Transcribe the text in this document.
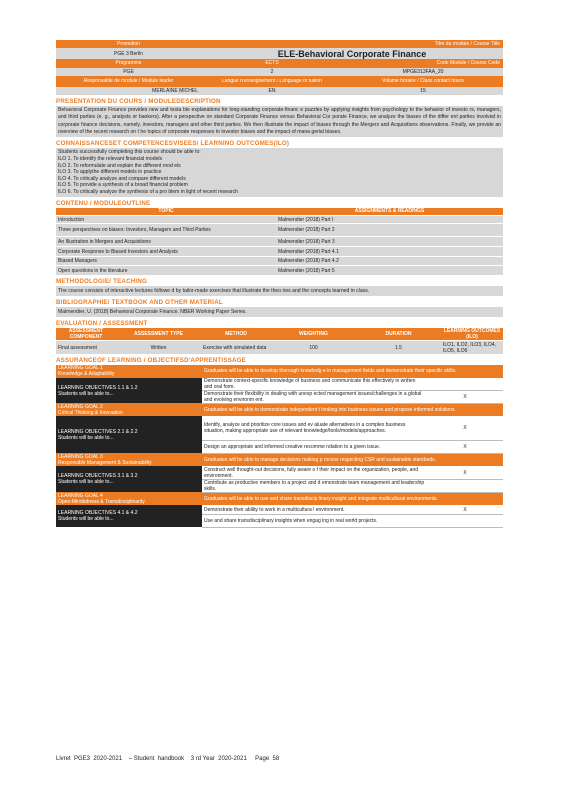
Promotion	Titre du module / Course Title
PGE 3 Berlin	ELE-Behavioral Corporate Finance
Programme	ECTS	Code Module / Course Code
PGE	2	MPGE313FAA_20
Responsable de module / Module leader	Langue d'enseignement / Language of tuition	Volume horaire / Class contact hours
MERLAINE MICHEL	EN	15
PRESENTATION DU COURS / MODULEDESCRIPTION
Behavioral Corporate Finance provides new and testa ble explanations for long-standing corporate-financ e puzzles by applying insights from psychology to the behavior of investo rs, managers, and third parties (e. g., analysts or bankers). After a perspective on standard Corporate Finance versus Behavioral Cor porate Finance, we analyze the biases of the differ ent parties involved in corporate finance decisions, namely, investors, managers and other third parties. We then illustrate the impact of biases through the Mergers and Acquisitions observations. Finally, we provide an overview of the recent research on t he topics of corporate responses to investor biases and the impact of mana gerial biases.
CONNAISSANCESET COMPETENCESVISEES/ LEARNING OUTCOMES(ILO)
Students successfully completing this course should be able to:
ILO 1. To identify the relevant financial models
ILO 2. To reformulate and explain the different mod els
ILO 3. To applythe different models in practice
ILO 4. To critically analyze and compare different models
ILO 5. To provide a synthesis of a broad financial problem
ILO 6. To critically analyze the synthesis of a pro blem in light of recent research
CONTENU / MODULEOUTLINE
TOPIC	ASSIGNMENTS & READINGS
Introduction	Malmendier (2018) Part I
Three perspectives on biases: Investors, Managers and Third Parties	Malmendier (2018) Part 2
An Illustration in Mergers and Acquisitions	Malmendier (2018) Part 3
Corporate Response to Biased Investors and Analysts	Malmendier (2018) Part 4.1
Biased Managers	Malmendier (2018) Part 4.2
Open questions in the literature	Malmendier (2018) Part 5
METHODOLOGIE/ TEACHING
The course consists of interactive lectures followe d by tailor-made exercises that illustrate the theo ries and the concepts learned in class.
BIBLIOGRAPHIE/ TEXTBOOK AND OTHER MATERIAL
Malmendier, U. (2018) Behavioral Corporate Finance. NBER Working Paper Series.
EVALUATION / ASSESSMENT
ASSESSMENT COMPONENT	ASSESSMENT TYPE	METHOD	WEIGHTING	DURATION	LEARNING OUTCOMES (ILO)
Final assessment	Written	Exercise with simulated data	100	1.5	ILO1, ILO2, ILO3, ILO4, ILO5, ILO6
ASSURANCEOF LEARNING / OBJECTIFSD'APPRENTISSAGE
LEARNING GOAL 1
Knowledge & Adaptability	Graduates will be able to develop thorough knowledg e in management fields and demonstrate their specific skills.	

LEARNING OBJECTIVES 1.1 & 1.2
Students will be able to...	Demonstrate context-specific knowledge of business and communicate this effectively in written and oral form.	
	Demonstrate their flexibility in dealing with unexp ected management issues/challenges in a global and evolving environm ent.	X

LEARNING GOAL 2
Critical Thinking & Innovation	Graduates will be able to demonstrate independent t hinking into business issues and propose informed solutions.	

LEARNING OBJECTIVES 2.1 & 2.2
Students will be able to...	Identify, analyze and prioritize core issues and ev aluate alternatives in a complex business situation, making appropriate use of relevant knowledge/tools/models/approaches.	X
	Design an appropriate and informed creative recomme ndation to a given issue.	X

LEARNING GOAL 3
Responsible Management & Sustainability	Graduates will be able to manage decisions making p rocess respecting CSR and sustainable standards.	

LEARNING OBJECTIVES 3.1 & 3.2
Students will be able to...	Construct well thought-out decisions, fully aware o f their impact on the organization, people, and environment.	X
	Contribute as productive members to a project and d emonstrate team management and leadership skills.	

LEARNING GOAL 4
Open-Mindedness & Transdisciplinarity	Graduates will be able to use and share transdiscip linary insight and integrate multicultural environments.	

LEARNING OBJECTIVES 4.1 & 4.2
Students will be able to...	Demonstrate their ability to work in a multicultura l environment.	X
	Use and share transdisciplinary insights when engag ing in real world projects.	
Livret  PGE3  2020-2021    – Student  handbook    3 rd Year  2020-2021     Page  58
